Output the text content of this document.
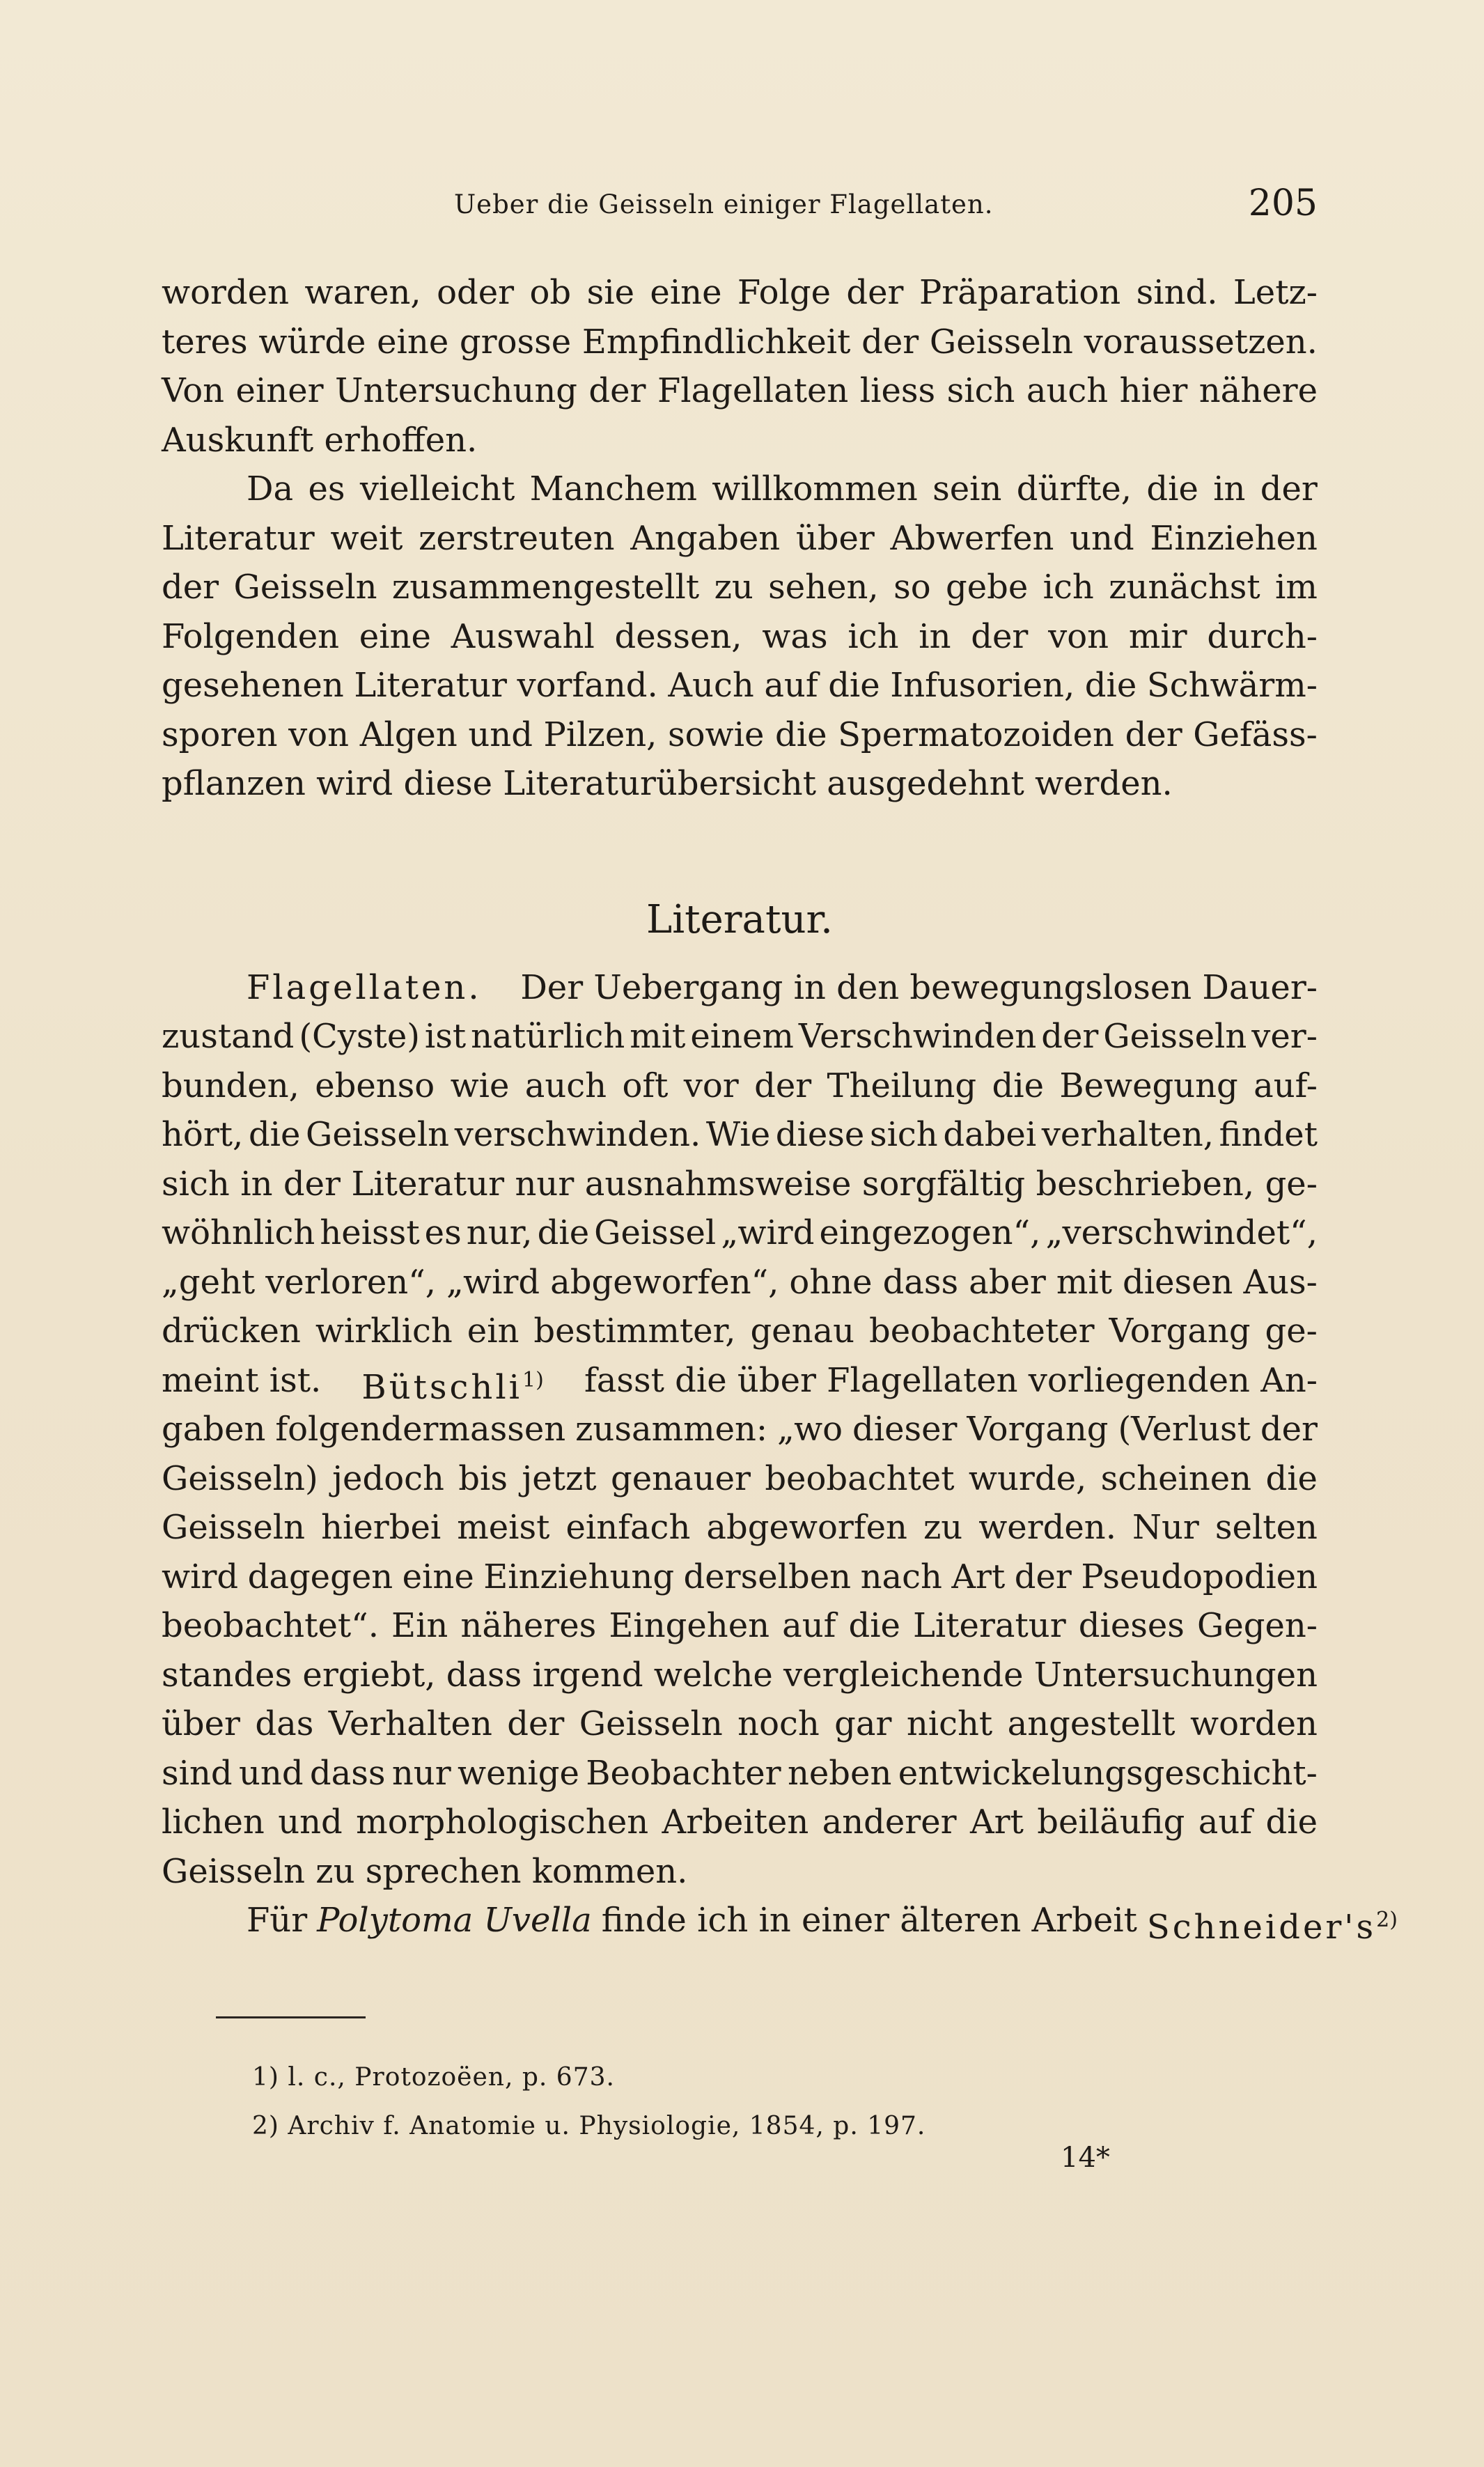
Ueber die Geisseln einiger Flagellaten.	205
worden waren, oder ob sie eine Folge der Präparation sind. Letz-
teres würde eine grosse Empfindlichkeit der Geisseln voraussetzen.
Von einer Untersuchung der Flagellaten liess sich auch hier nähere
Auskunft erhoffen.
Da es vielleicht Manchem willkommen sein dürfte, die in der
Literatur weit zerstreuten Angaben über Abwerfen und Einziehen
der Geisseln zusammengestellt zu sehen, so gebe ich zunächst im
Folgenden eine Auswahl dessen, was ich in der von mir durch-
gesehenen Literatur vorfand. Auch auf die Infusorien, die Schwärm-
sporen von Algen und Pilzen, sowie die Spermatozoiden der Gefäss-
pflanzen wird diese Literaturübersicht ausgedehnt werden.
Literatur.
Flagellaten. Der Uebergang in den bewegungslosen Dauer-
zustand (Cyste) ist natürlich mit einem Verschwinden der Geisseln ver-
bunden, ebenso wie auch oft vor der Theilung die Bewegung auf-
hört, die Geisseln verschwinden. Wie diese sich dabei verhalten, findet
sich in der Literatur nur ausnahmsweise sorgfältig beschrieben, ge-
wöhnlich heisst es nur, die Geissel „wird eingezogen“, „verschwindet“,
„geht verloren“, „wird abgeworfen“, ohne dass aber mit diesen Aus-
drücken wirklich ein bestimmter, genau beobachteter Vorgang ge-
meint ist. Bütschli$^{1)}$ fasst die über Flagellaten vorliegenden An-
gaben folgendermassen zusammen: „wo dieser Vorgang (Verlust der
Geisseln) jedoch bis jetzt genauer beobachtet wurde, scheinen die
Geisseln hierbei meist einfach abgeworfen zu werden. Nur selten
wird dagegen eine Einziehung derselben nach Art der Pseudopodien
beobachtet“. Ein näheres Eingehen auf die Literatur dieses Gegen-
standes ergiebt, dass irgend welche vergleichende Untersuchungen
über das Verhalten der Geisseln noch gar nicht angestellt worden
sind und dass nur wenige Beobachter neben entwickelungsgeschicht-
lichen und morphologischen Arbeiten anderer Art beiläufig auf die
Geisseln zu sprechen kommen.
Für Polytoma Uvella finde ich in einer älteren Arbeit $Schneider's^{2)}$
1) l. c., Protozoëen, p. 673.
2) Archiv f. Anatomie u. Physiologie, 1854, p. 197.
14*
